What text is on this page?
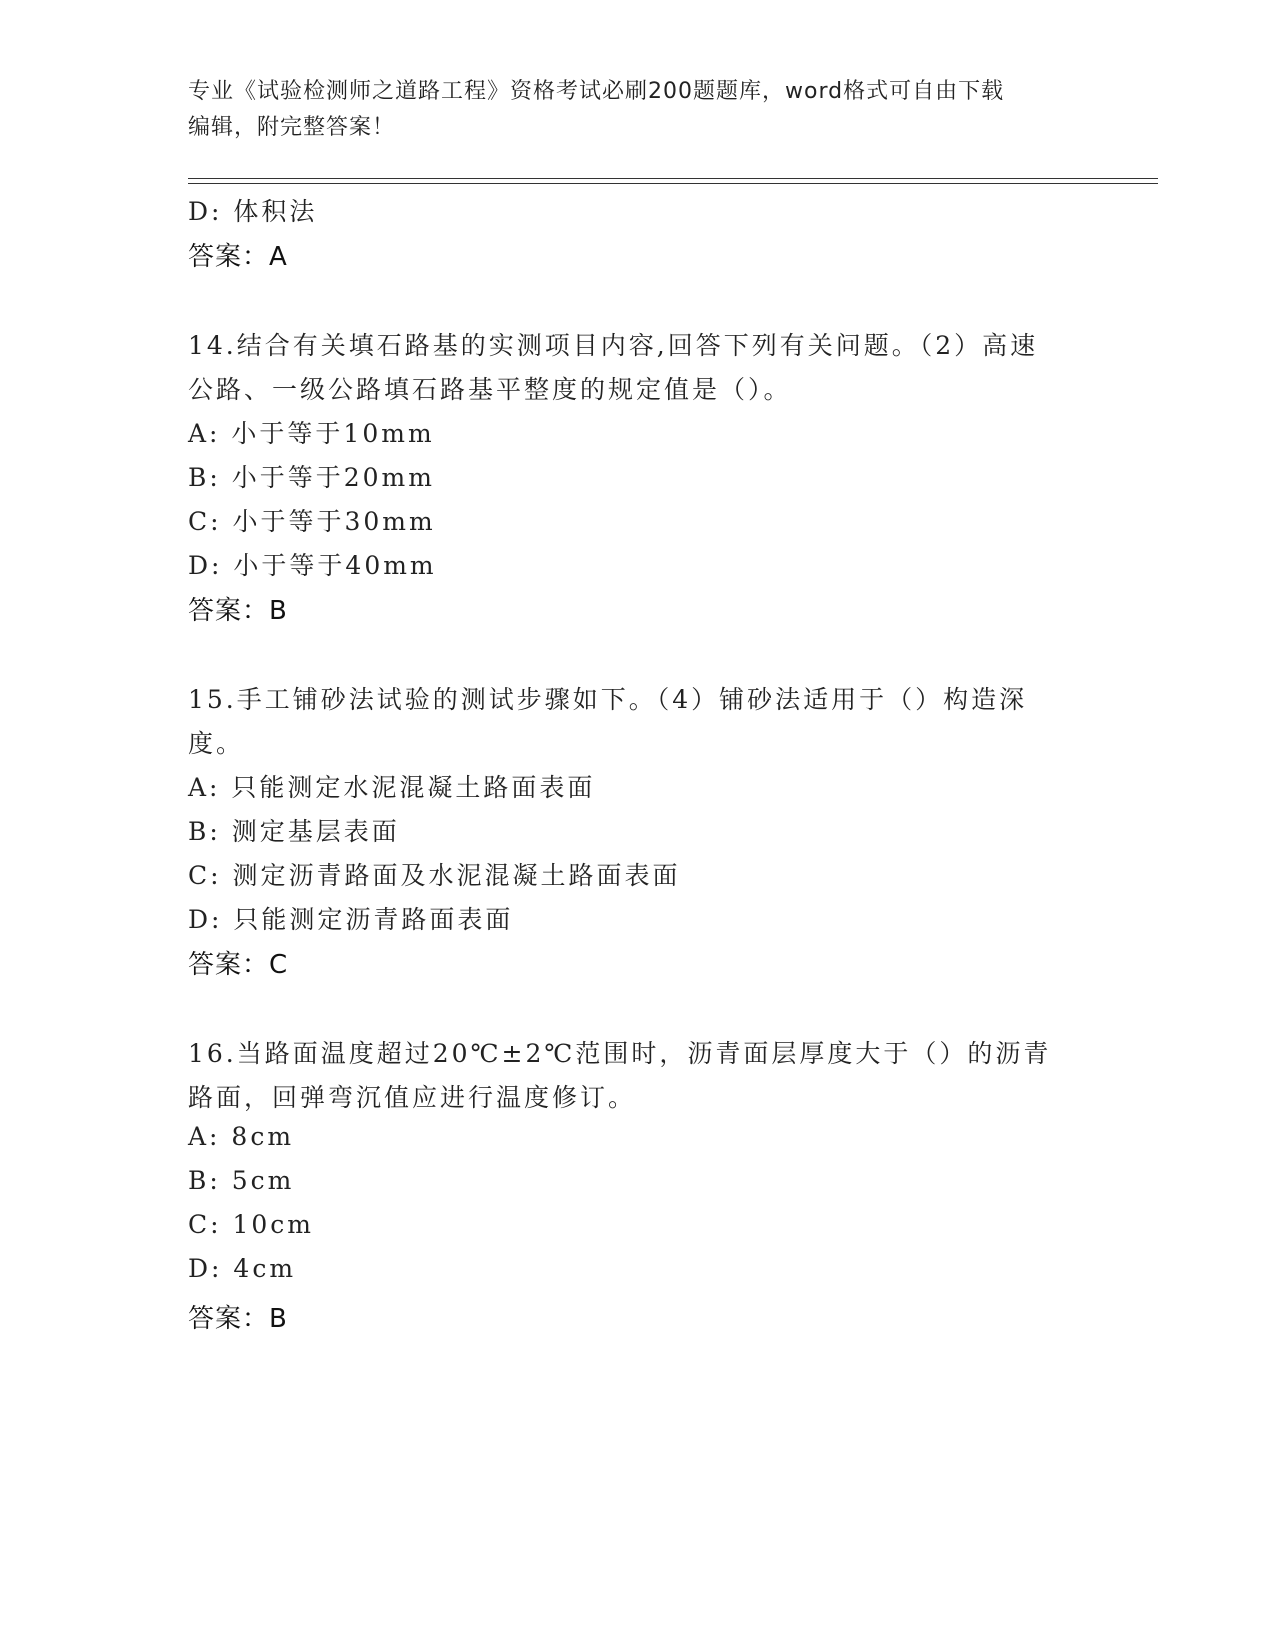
专业《试验检测师之道路工程》资格考试必刷200题题库，word格式可自由下载
编辑，附完整答案！
D: 体积法
答案：A
14.结合有关填石路基的实测项目内容,回答下列有关问题。（2）高速
公路、一级公路填石路基平整度的规定值是（）。
A: 小于等于10mm
B: 小于等于20mm
C: 小于等于30mm
D: 小于等于40mm
答案：B
15.手工铺砂法试验的测试步骤如下。（4）铺砂法适用于（）构造深
度。
A: 只能测定水泥混凝土路面表面
B: 测定基层表面
C: 测定沥青路面及水泥混凝土路面表面
D: 只能测定沥青路面表面
答案：C
16.当路面温度超过20℃±2℃范围时，沥青面层厚度大于（）的沥青
路面，回弹弯沉值应进行温度修订。
A: 8cm
B: 5cm
C: 10cm
D: 4cm
答案：B
